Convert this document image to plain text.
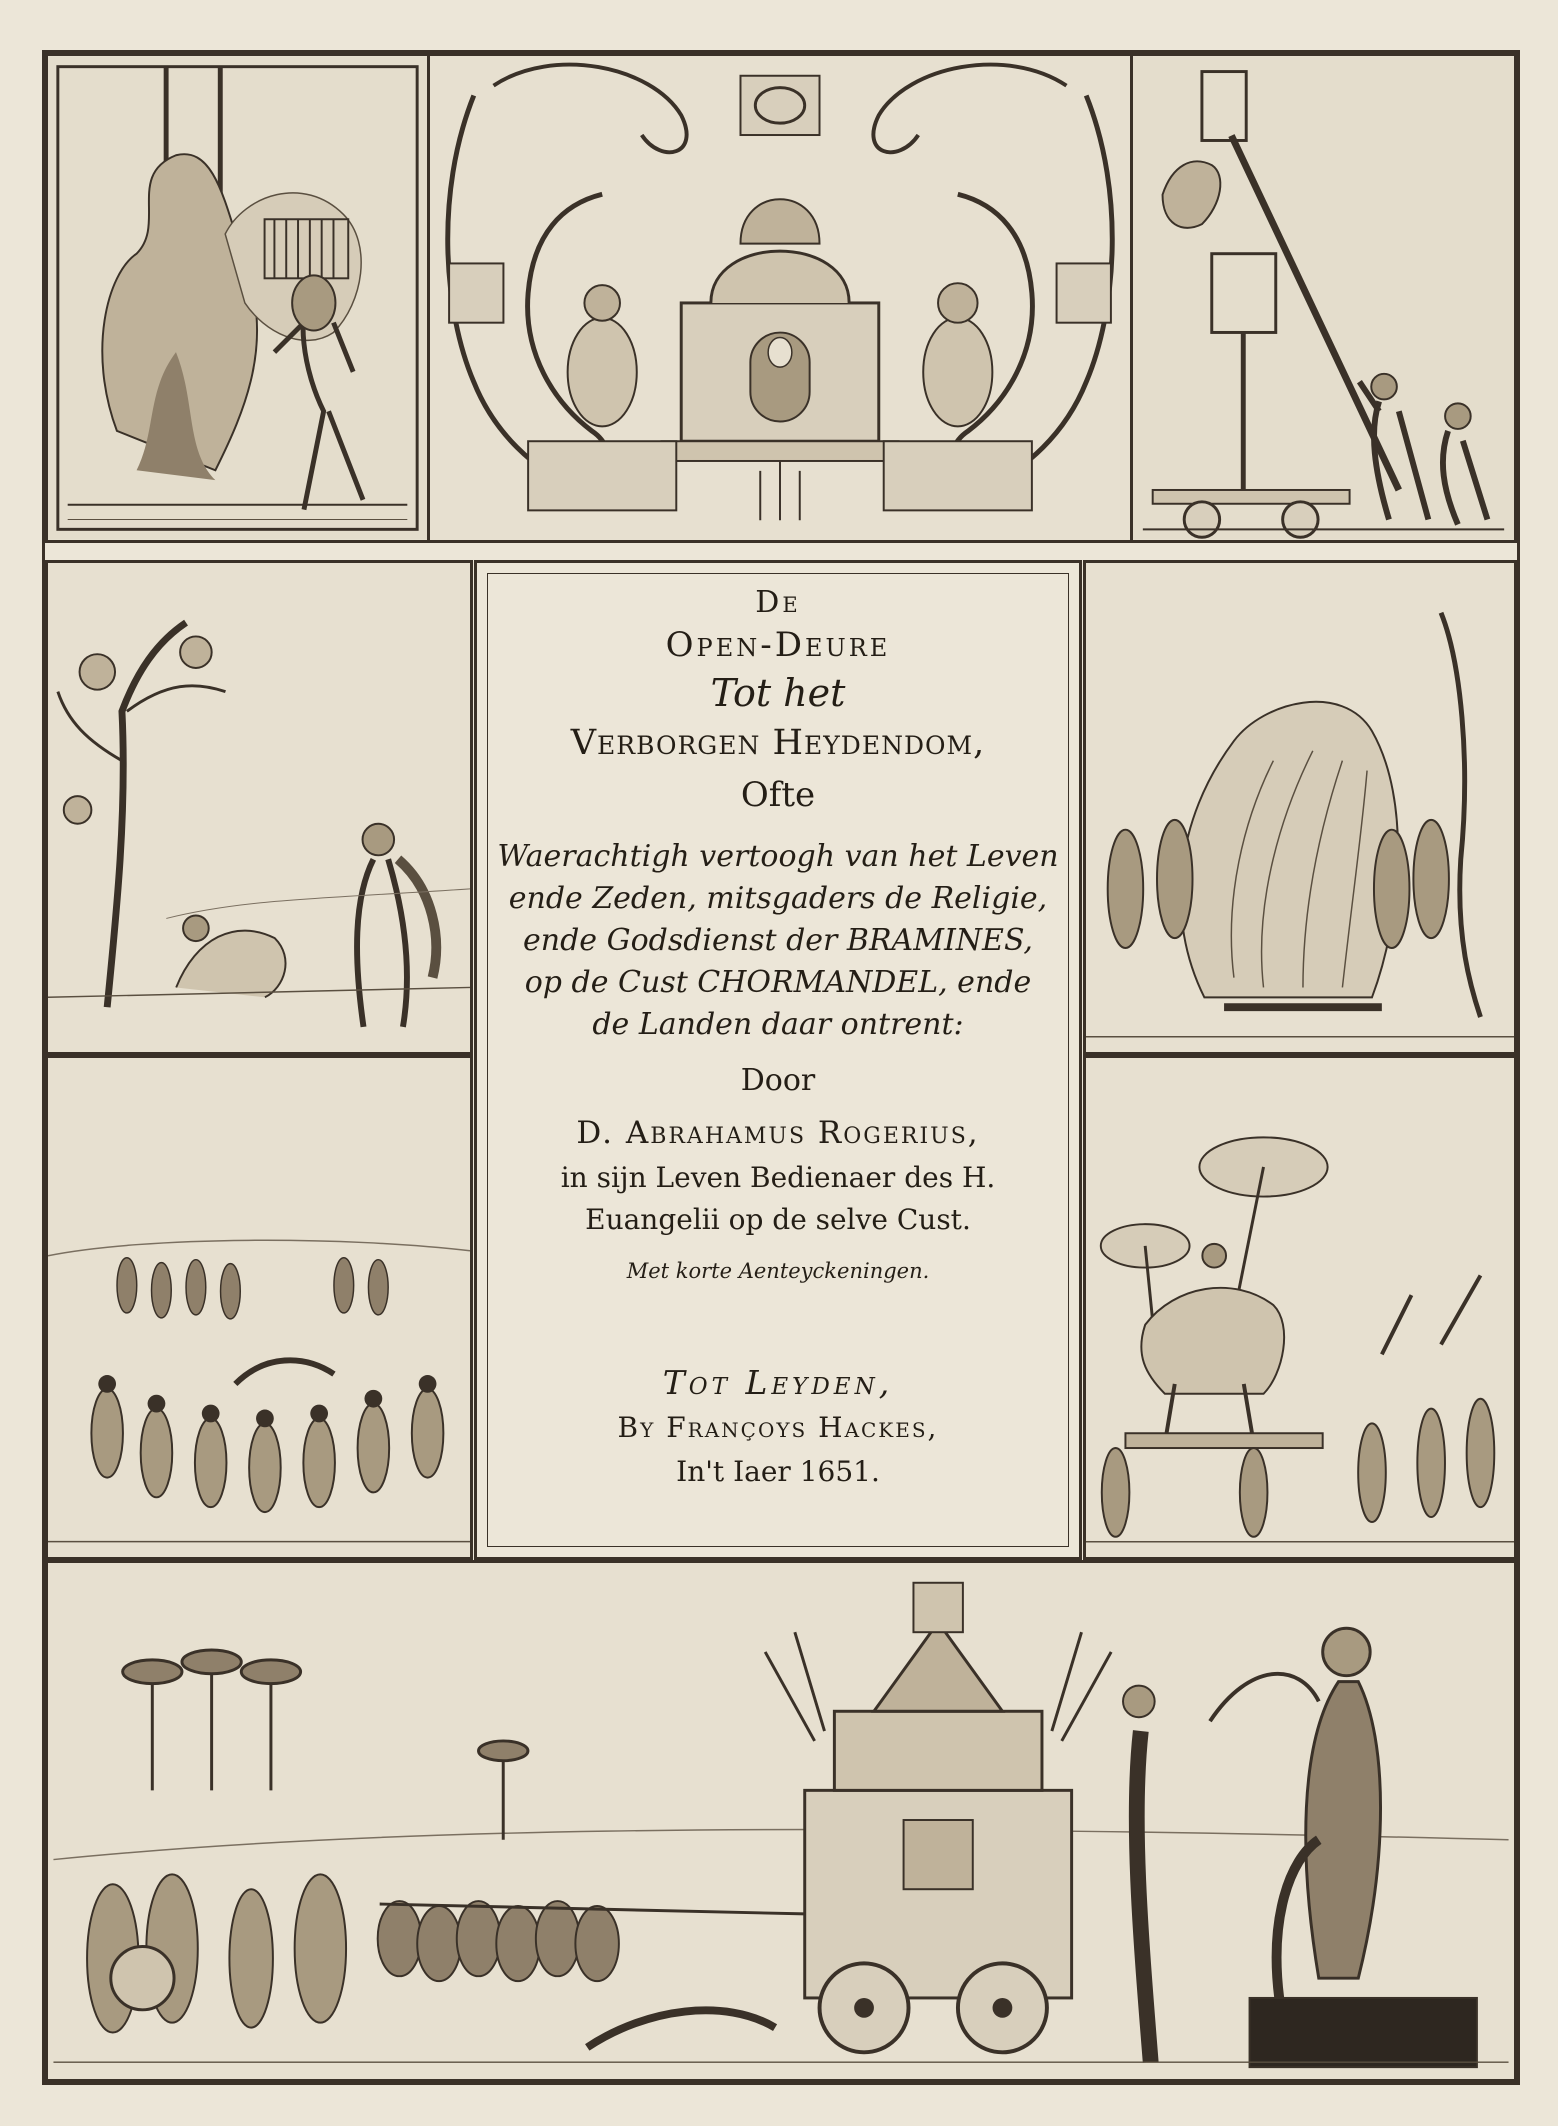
De
Open-Deure
Tot het
Verborgen Heydendom,
Ofte
Waerachtigh vertoogh van het Leven
ende Zeden, mitsgaders de Religie,
ende Godsdienst der BRAMINES,
op de Cust CHORMANDEL, ende
de Landen daar ontrent:
Door
D. Abrahamus Rogerius,
in sijn Leven Bedienaer des H.
Euangelii op de selve Cust.
Met korte Aenteyckeningen.
Tot Leyden,
By Françoys Hackes,
In't Iaer 1651.
